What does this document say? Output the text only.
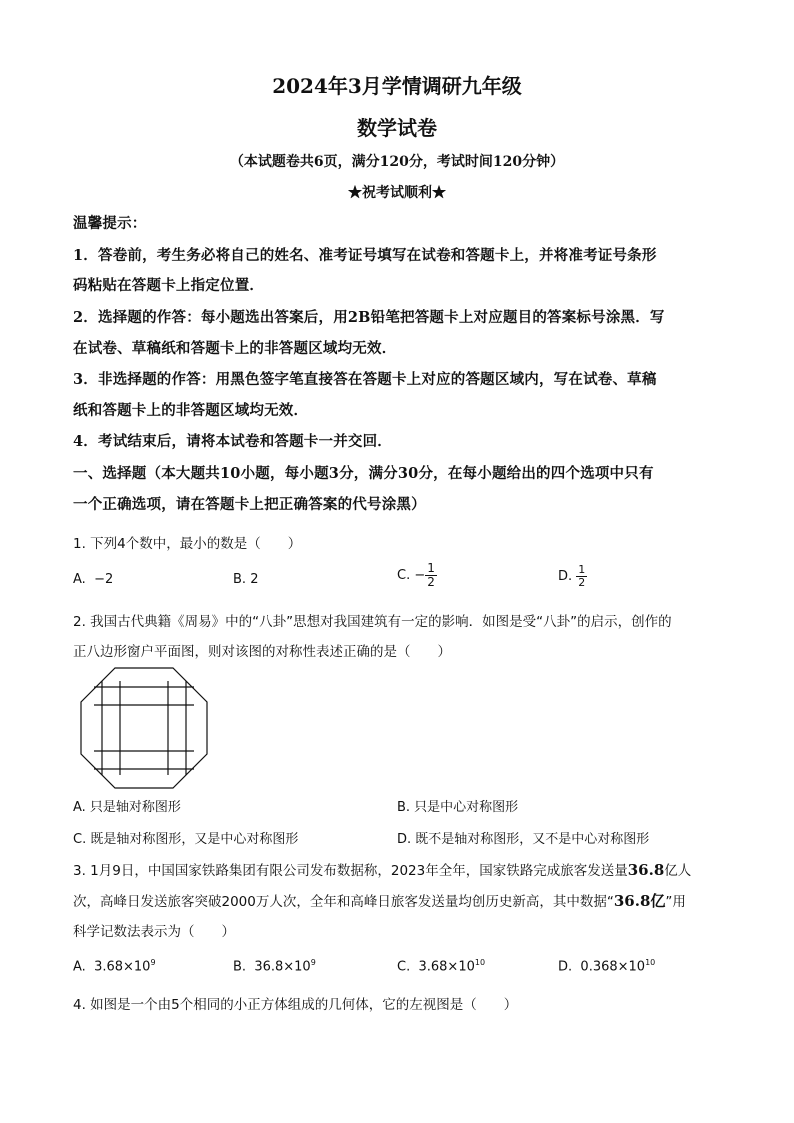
2024年3月学情调研九年级
数学试卷
（本试题卷共6页，满分120分，考试时间120分钟）
★祝考试顺利★
温馨提示：
1．答卷前，考生务必将自己的姓名、准考证号填写在试卷和答题卡上，并将准考证号条形
码粘贴在答题卡上指定位置．
2．选择题的作答：每小题选出答案后，用2B铅笔把答题卡上对应题目的答案标号涂黑．写
在试卷、草稿纸和答题卡上的非答题区域均无效．
3．非选择题的作答：用黑色签字笔直接答在答题卡上对应的答题区域内，写在试卷、草稿
纸和答题卡上的非答题区域均无效．
4．考试结束后，请将本试卷和答题卡一并交回．
一、选择题（本大题共10小题，每小题3分，满分30分，在每小题给出的四个选项中只有
一个正确选项，请在答题卡上把正确答案的代号涂黑）
1. 下列4个数中，最小的数是（　　）
A. −2	B. 2	C. − $\frac{1}{2}$	D. $\frac{1}{2}$
2. 我国古代典籍《周易》中的“八卦”思想对我国建筑有一定的影响．如图是受“八卦”的启示，创作的
正八边形窗户平面图，则对该图的对称性表述正确的是（　　）
A. 只是轴对称图形	B. 只是中心对称图形
C. 既是轴对称图形，又是中心对称图形	D. 既不是轴对称图形，又不是中心对称图形
3. 1月9日，中国国家铁路集团有限公司发布数据称，2023年全年，国家铁路完成旅客发送量36.8亿人
次，高峰日发送旅客突破2000万人次，全年和高峰日旅客发送量均创历史新高，其中数据“36.8亿”用
科学记数法表示为（　　）
A. $3.68\times 10^9$	B. $36.8\times 10^9$	C. $3.68\times 10^{10}$	D. $0.368\times 10^{10}$
4. 如图是一个由5个相同的小正方体组成的几何体，它的左视图是（　　）
